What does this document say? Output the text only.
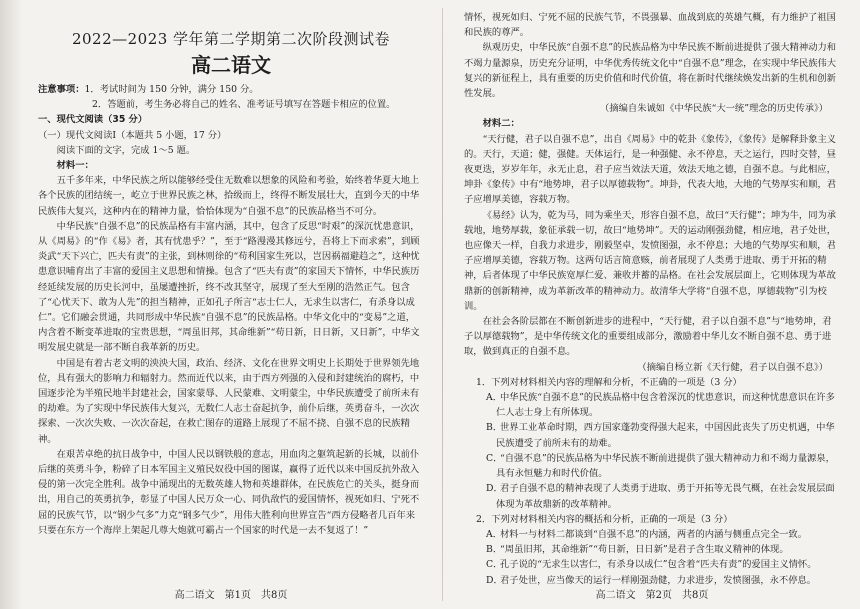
2022—2023 学年第二学期第二次阶段测试卷

高二语文

注意事项：1．考试时间为 150 分钟，满分 150 分。

2．答题前，考生务必将自己的姓名、准考证号填写在答题卡相应的位置。

一、现代文阅读（35 分）

（一）现代文阅读Ⅰ（本题共 5 小题，17 分）

阅读下面的文字，完成 1～5 题。

材料一：

五千多年来，中华民族之所以能够经受住无数难以想象的风险和考验，始终着华夏大地上各个民族的团结统一，屹立于世界民族之林，拾级而上，终得不断发展壮大，直到今天的中华民族伟大复兴，这种内在的精神力量，恰恰体现为“自强不息”的民族品格当不可分。

中华民族“自强不息”的民族品格有丰富内涵，其中，包含了反思“时艰”的深沉忧患意识，从《周易》的“作《易》者，其有忧患乎？”，至于“路漫漫其修远兮，吾将上下而求索”，到顾炎武“天下兴亡，匹夫有责”的主张，到林则徐的“苟利国家生死以，岂因祸福避趋之”，这种忧患意识哺育出了丰富的爱国主义思想和情操。包含了“匹夫有责”的家国天下情怀，中华民族历经延续发展的历史长河中，虽屡遭挫折，终不改其坚守，展现了至大至刚的浩然正气。包含了“心忧天下、敢为人先”的担当精神，正如孔子所言“志士仁人，无求生以害仁，有杀身以成仁”。它们融会贯通，共同形成中华民族“自强不息”的民族品格。中华文化中的“变易”之道，内含着不断变革进取的宝贵思想，“周虽旧邦，其命维新”“苟日新，日日新，又日新”，中华文明发展史就是一部不断自我革新的历史。

中国是有着古老文明的泱泱大国，政治、经济、文化在世界文明史上长期处于世界领先地位，具有强大的影响力和辐射力。然而近代以来，由于西方列强的入侵和封建统治的腐朽，中国逐步沦为半殖民地半封建社会，国家蒙辱、人民蒙难、文明蒙尘，中华民族遭受了前所未有的劫难。为了实现中华民族伟大复兴，无数仁人志士奋起抗争，前仆后继，英勇奋斗，一次次探索、一次次失败、一次次奋起，在救亡图存的道路上展现了不屈不挠、自强不息的民族精神。

在艰苦卓绝的抗日战争中，中国人民以钢铁般的意志，用血肉之躯筑起新的长城，以前仆后继的英勇斗争，粉碎了日本军国主义殖民奴役中国的图谋，赢得了近代以来中国反抗外敌入侵的第一次完全胜利。战争中涌现出的无数英雄人物和英雄群体，在民族危亡的关头，挺身而出，用自己的英勇抗争，彰显了中国人民万众一心、同仇敌忾的爱国情怀，视死如归、宁死不屈的民族气节，以“钢少气多”力克“钢多气少”，用伟大胜利向世界宣告“西方侵略者几百年来只要在东方一个海岸上架起几尊大炮就可霸占一个国家的时代是一去不复返了！”

高二语文　第1页　共8页

情怀，视死如归、宁死不屈的民族气节，不畏强暴、血战到底的英雄气概，有力维护了祖国和民族的尊严。

纵观历史，中华民族“自强不息”的民族品格为中华民族不断前进提供了强大精神动力和不竭力量源泉，历史充分证明，中华优秀传统文化中“自强不息”理念，在实现中华民族伟大复兴的新征程上，具有重要的历史价值和时代价值，将在新时代继续焕发出新的生机和创新性发展。

（摘编自朱诚如《中华民族“大一统”理念的历史传承》）

材料二：

“天行健，君子以自强不息”，出自《周易》中的乾卦《象传》，《象传》是解释卦象主义的。天行，天道；健，强健。天体运行，是一种强健、永不停息，天之运行，四时交替，昼夜更迭，岁岁年年，永无止息，君子应当效法天道，效法天地之德，自强不息。与此相应，坤卦《象传》中有“地势坤，君子以厚德载物”。坤卦，代表大地，大地的气势厚实和顺，君子应增厚美德，容载万物。

《易经》认为，乾为马，同为乘坐天，形容自强不息，故曰“天行健”；坤为牛，同为承载地，地势厚载，象征承载一切，故曰“地势坤”。天的运动刚强劲健，相应地，君子处世，也应像天一样，自我力求进步，刚毅坚卓，发愤图强，永不停息；大地的气势厚实和顺，君子应增厚美德，容载万物。这两句话言简意赅，前者展现了人类勇于进取、勇于开拓的精神，后者体现了中华民族宽厚仁爱、兼收并蓄的品格。在社会发展层面上，它则体现为革故鼎新的创新精神，成为革新改革的精神动力。故清华大学将“自强不息，厚德载物”引为校训。

在社会各阶层都在不断创新进步的进程中，“天行健，君子以自强不息”与“地势坤，君子以厚德载物”，是中华传统文化的重要组成部分，激励着中华儿女不断自强不息、勇于进取，做到真正的自强不息。

（摘编自杨立新《天行健，君子以自强不息》）

1．下列对材料相关内容的理解和分析，不正确的一项是（3 分）

A．中华民族“自强不息”的民族品格中包含着深沉的忧患意识，而这种忧患意识在许多仁人志士身上有所体现。

B．世界工业革命时期，西方国家蓬勃变得强大起来，中国因此丧失了历史机遇，中华民族遭受了前所未有的劫难。

C．“自强不息”的民族品格为中华民族不断前进提供了强大精神动力和不竭力量源泉，具有永恒魅力和时代价值。

D．君子自强不息的精神表现了人类勇于进取、勇于开拓等无畏气概，在社会发展层面体现为革故鼎新的改革精神。

2．下列对材料相关内容的概括和分析，正确的一项是（3 分）

A．材料一与材料二都谈到“自强不息”的内涵，两者的内涵与侧重点完全一致。

B．“周虽旧邦，其命维新”“苟日新，日日新”是君子含生取义精神的体现。

C．孔子说的“无求生以害仁，有杀身以成仁”包含着“匹夫有责”的爱国主义情怀。

D．君子处世，应当像天的运行一样刚强劲健，力求进步，发愤图强，永不停息。

高二语文　第2页　共8页
